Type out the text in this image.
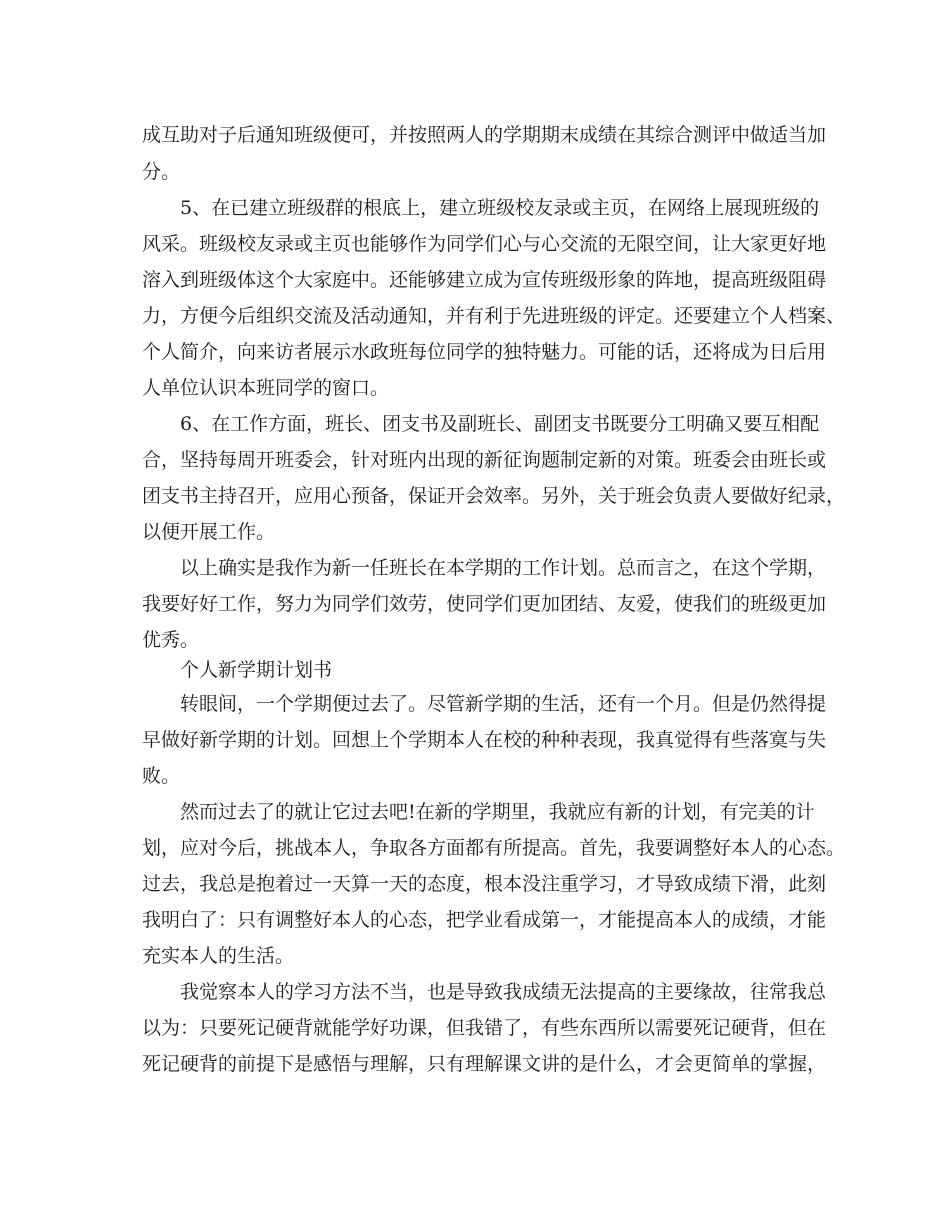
成互助对子后通知班级便可，并按照两人的学期期末成绩在其综合测评中做适当加
分。
5、在已建立班级群的根底上，建立班级校友录或主页，在网络上展现班级的
风采。班级校友录或主页也能够作为同学们心与心交流的无限空间，让大家更好地
溶入到班级体这个大家庭中。还能够建立成为宣传班级形象的阵地，提高班级阻碍
力，方便今后组织交流及活动通知，并有利于先进班级的评定。还要建立个人档案、
个人简介，向来访者展示水政班每位同学的独特魅力。可能的话，还将成为日后用
人单位认识本班同学的窗口。
6、在工作方面，班长、团支书及副班长、副团支书既要分工明确又要互相配
合，坚持每周开班委会，针对班内出现的新征询题制定新的对策。班委会由班长或
团支书主持召开，应用心预备，保证开会效率。另外，关于班会负责人要做好纪录，
以便开展工作。
以上确实是我作为新一任班长在本学期的工作计划。总而言之，在这个学期，
我要好好工作，努力为同学们效劳，使同学们更加团结、友爱，使我们的班级更加
优秀。
个人新学期计划书
转眼间，一个学期便过去了。尽管新学期的生活，还有一个月。但是仍然得提
早做好新学期的计划。回想上个学期本人在校的种种表现，我真觉得有些落寞与失
败。
然而过去了的就让它过去吧!在新的学期里，我就应有新的计划，有完美的计
划，应对今后，挑战本人，争取各方面都有所提高。首先，我要调整好本人的心态。
过去，我总是抱着过一天算一天的态度，根本没注重学习，才导致成绩下滑，此刻
我明白了：只有调整好本人的心态，把学业看成第一，才能提高本人的成绩，才能
充实本人的生活。
我觉察本人的学习方法不当，也是导致我成绩无法提高的主要缘故，往常我总
以为：只要死记硬背就能学好功课，但我错了，有些东西所以需要死记硬背，但在
死记硬背的前提下是感悟与理解，只有理解课文讲的是什么，才会更简单的掌握，
